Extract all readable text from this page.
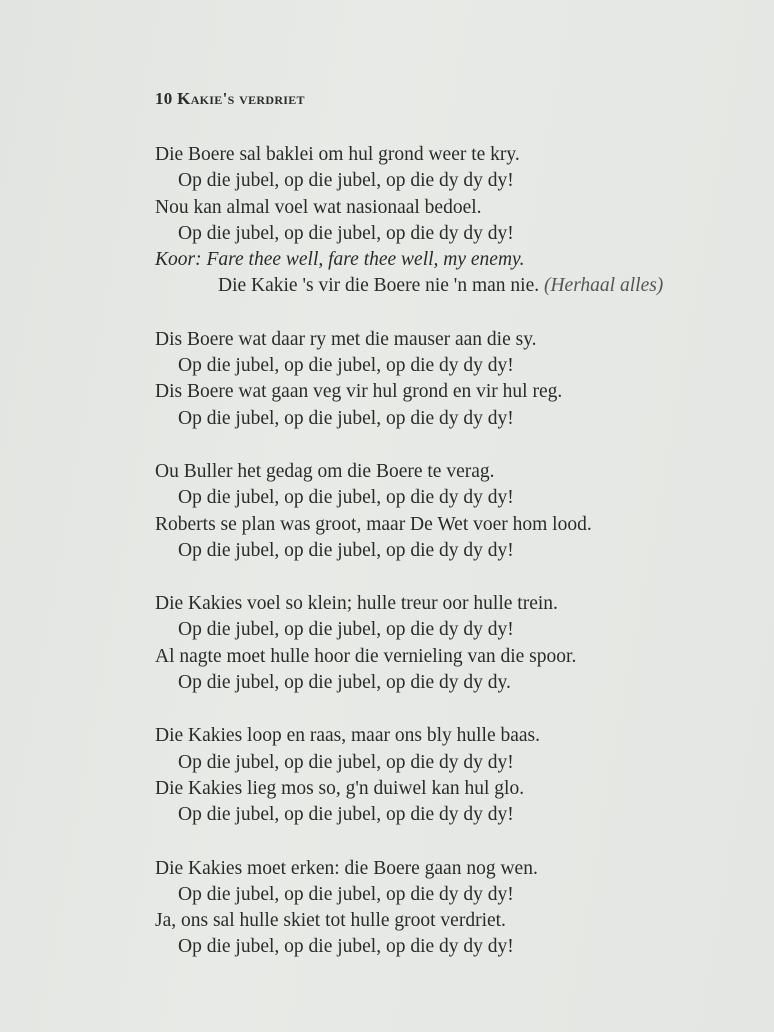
10 Kakie's verdriet
Die Boere sal baklei om hul grond weer te kry.
Op die jubel, op die jubel, op die dy dy dy!
Nou kan almal voel wat nasionaal bedoel.
Op die jubel, op die jubel, op die dy dy dy!
Koor: Fare thee well, fare thee well, my enemy.
Die Kakie 's vir die Boere nie 'n man nie. (Herhaal alles)
Dis Boere wat daar ry met die mauser aan die sy.
Op die jubel, op die jubel, op die dy dy dy!
Dis Boere wat gaan veg vir hul grond en vir hul reg.
Op die jubel, op die jubel, op die dy dy dy!
Ou Buller het gedag om die Boere te verag.
Op die jubel, op die jubel, op die dy dy dy!
Roberts se plan was groot, maar De Wet voer hom lood.
Op die jubel, op die jubel, op die dy dy dy!
Die Kakies voel so klein; hulle treur oor hulle trein.
Op die jubel, op die jubel, op die dy dy dy!
Al nagte moet hulle hoor die vernieling van die spoor.
Op die jubel, op die jubel, op die dy dy dy.
Die Kakies loop en raas, maar ons bly hulle baas.
Op die jubel, op die jubel, op die dy dy dy!
Die Kakies lieg mos so, g'n duiwel kan hul glo.
Op die jubel, op die jubel, op die dy dy dy!
Die Kakies moet erken: die Boere gaan nog wen.
Op die jubel, op die jubel, op die dy dy dy!
Ja, ons sal hulle skiet tot hulle groot verdriet.
Op die jubel, op die jubel, op die dy dy dy!
